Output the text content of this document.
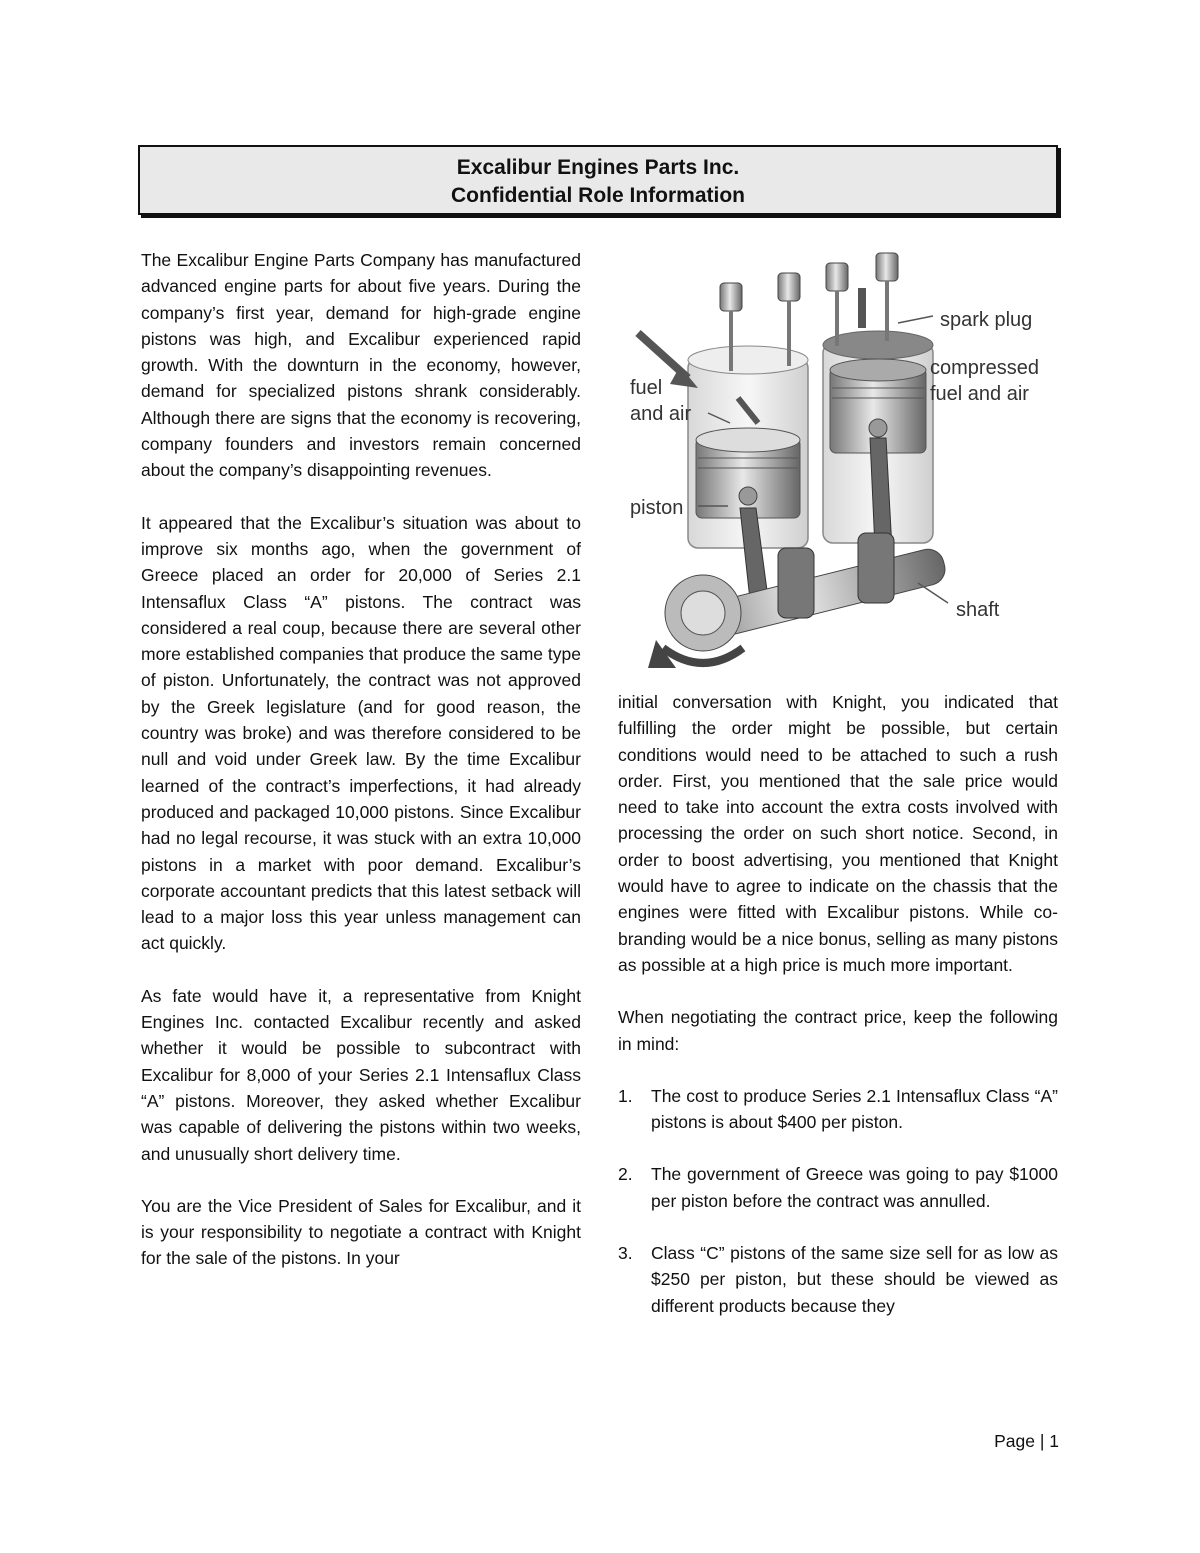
Excalibur Engines Parts Inc.
Confidential Role Information

The Excalibur Engine Parts Company has manufactured advanced engine parts for about five years. During the company’s first year, demand for high-grade engine pistons was high, and Excalibur experienced rapid growth. With the downturn in the economy, however, demand for specialized pistons shrank considerably. Although there are signs that the economy is recovering, company founders and investors remain concerned about the company’s disappointing revenues.

It appeared that the Excalibur’s situation was about to improve six months ago, when the government of Greece placed an order for 20,000 of Series 2.1 Intensaflux Class “A” pistons. The contract was considered a real coup, because there are several other more established companies that produce the same type of piston. Unfortunately, the contract was not approved by the Greek legislature (and for good reason, the country was broke) and was therefore considered to be null and void under Greek law. By the time Excalibur learned of the contract’s imperfections, it had already produced and packaged 10,000 pistons. Since Excalibur had no legal recourse, it was stuck with an extra 10,000 pistons in a market with poor demand. Excalibur’s corporate accountant predicts that this latest setback will lead to a major loss this year unless management can act quickly.

As fate would have it, a representative from Knight Engines Inc. contacted Excalibur recently and asked whether it would be possible to subcontract with Excalibur for 8,000 of your Series 2.1 Intensaflux Class “A” pistons. Moreover, they asked whether Excalibur was capable of delivering the pistons within two weeks, and unusually short delivery time.

You are the Vice President of Sales for Excalibur, and it is your responsibility to negotiate a contract with Knight for the sale of the pistons. In your

spark plug
compressed
fuel and air
fuel
and air
piston
shaft

initial conversation with Knight, you indicated that fulfilling the order might be possible, but certain conditions would need to be attached to such a rush order. First, you mentioned that the sale price would need to take into account the extra costs involved with processing the order on such short notice. Second, in order to boost advertising, you mentioned that Knight would have to agree to indicate on the chassis that the engines were fitted with Excalibur pistons. While co-branding would be a nice bonus, selling as many pistons as possible at a high price is much more important.

When negotiating the contract price, keep the following in mind:

1. The cost to produce Series 2.1 Intensaflux Class “A” pistons is about $400 per piston.
2. The government of Greece was going to pay $1000 per piston before the contract was annulled.
3. Class “C” pistons of the same size sell for as low as $250 per piston, but these should be viewed as different products because they
Page | 1
